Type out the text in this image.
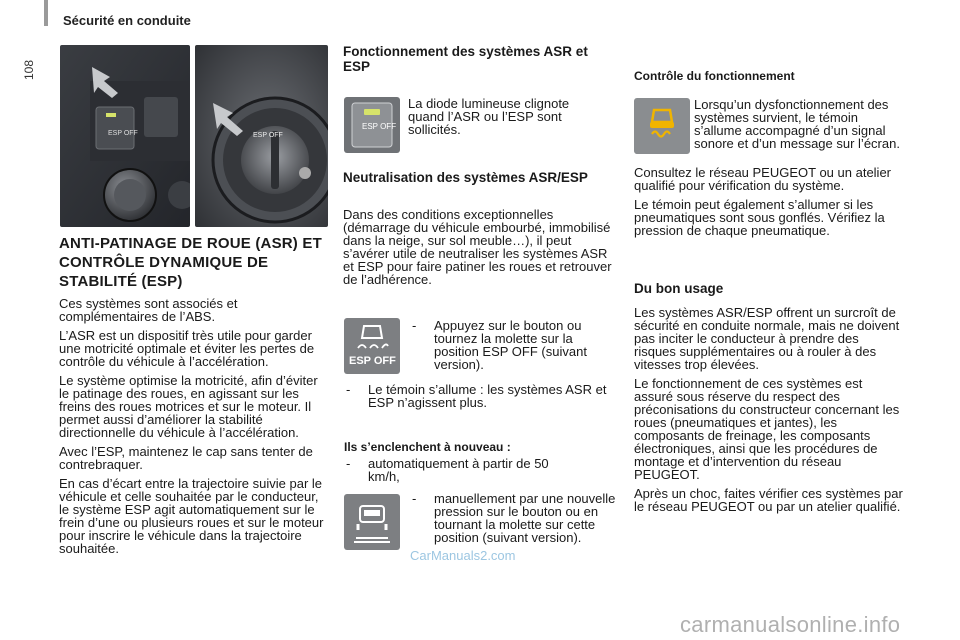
Sécurité en conduite
108
ESP OFF	ESP OFF
ANTI-PATINAGE DE ROUE (ASR) ET CONTRÔLE DYNAMIQUE DE STABILITÉ (ESP)

Ces systèmes sont associés et complémentaires de l’ABS.

L’ASR est un dispositif très utile pour garder une motricité optimale et éviter les pertes de contrôle du véhicule à l’accélération.

Le système optimise la motricité, afin d’éviter le patinage des roues, en agissant sur les freins des roues motrices et sur le moteur. Il permet aussi d’améliorer la stabilité directionnelle du véhicule à l’accélération.

Avec l’ESP, maintenez le cap sans tenter de contrebraquer.

En cas d’écart entre la trajectoire suivie par le véhicule et celle souhaitée par le conducteur, le système ESP agit automatiquement sur le frein d’une ou plusieurs roues et sur le moteur pour inscrire le véhicule dans la trajectoire souhaitée.

Fonctionnement des systèmes ASR et ESP
ESP OFF

La diode lumineuse clignote quand l’ASR ou l’ESP sont sollicités.

Neutralisation des systèmes ASR/ESP

Dans des conditions exceptionnelles (démarrage du véhicule embourbé, immobilisé dans la neige, sur sol meuble…), il peut s’avérer utile de neutraliser les systèmes ASR et ESP pour faire patiner les roues et retrouver de l’adhérence.

ESP OFF
-	Appuyez sur le bouton ou tournez la molette sur la position ESP OFF (suivant version).
-	Le témoin s’allume : les systèmes ASR et ESP n’agissent plus.
Ils s’enclenchent à nouveau :
-	automatiquement à partir de 50 km/h,
-	manuellement par une nouvelle pression sur le bouton ou en tournant la molette sur cette position (suivant version).
Contrôle du fonctionnement

Lorsqu’un dysfonctionnement des systèmes survient, le témoin s’allume accompagné d’un signal sonore et d’un message sur l’écran.

Consultez le réseau PEUGEOT ou un atelier qualifié pour vérification du système.

Le témoin peut également s’allumer si les pneumatiques sont sous gonflés. Vérifiez la pression de chaque pneumatique.

Du bon usage

Les systèmes ASR/ESP offrent un surcroît de sécurité en conduite normale, mais ne doivent pas inciter le conducteur à prendre des risques supplémentaires ou à rouler à des vitesses trop élevées.

Le fonctionnement de ces systèmes est assuré sous réserve du respect des préconisations du constructeur concernant les roues (pneumatiques et jantes), les composants de freinage, les composants électroniques, ainsi que les procédures de montage et d’intervention du réseau PEUGEOT.

Après un choc, faites vérifier ces systèmes par le réseau PEUGEOT ou par un atelier qualifié.

CarManuals2.com
carmanualsonline.info
